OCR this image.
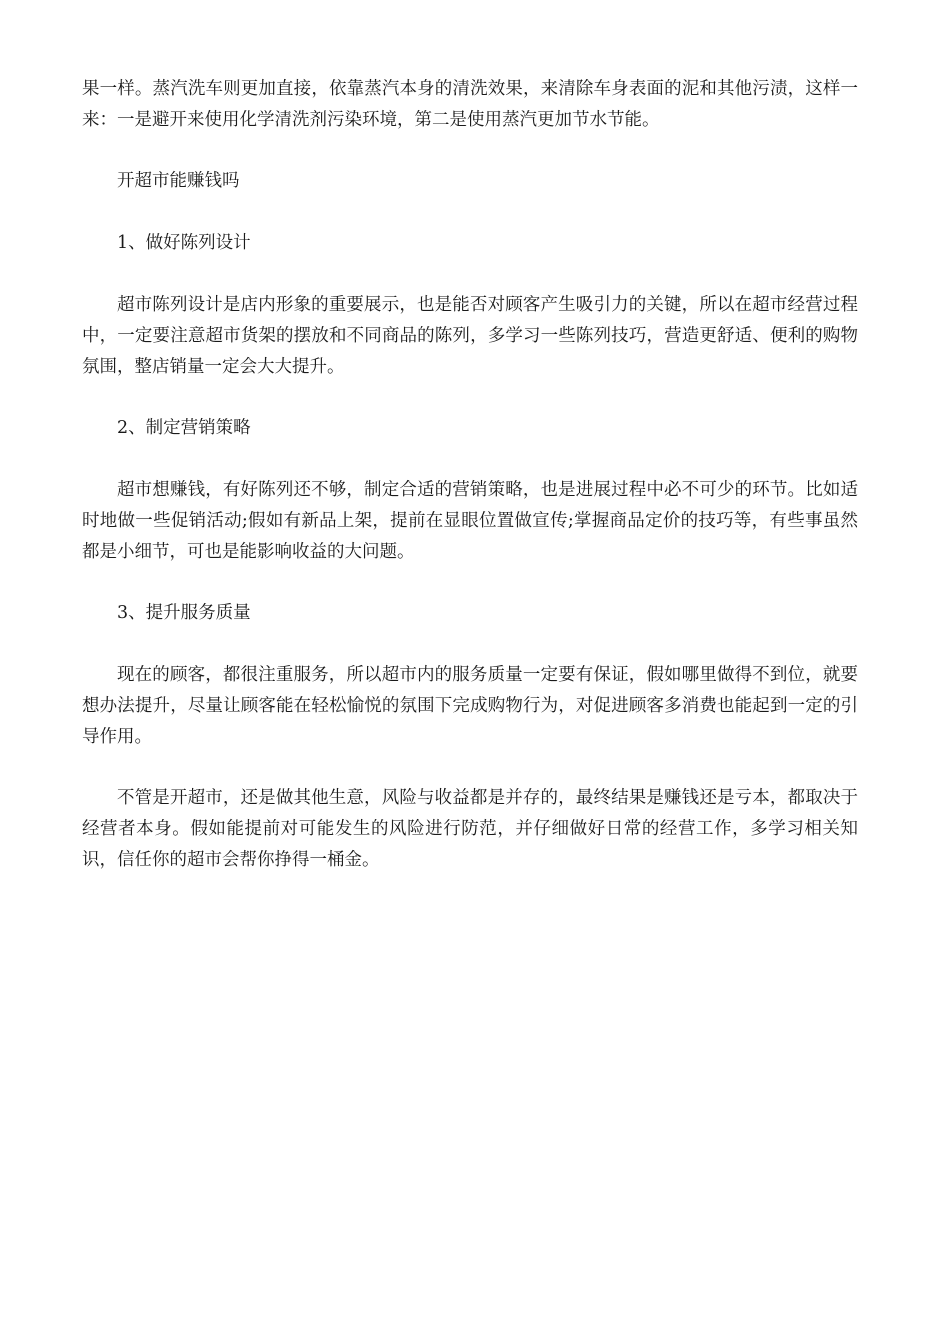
果一样。蒸汽洗车则更加直接，依靠蒸汽本身的清洗效果，来清除车身表面的泥和其他污渍，这样一来：一是避开来使用化学清洗剂污染环境，第二是使用蒸汽更加节水节能。

开超市能赚钱吗

1、做好陈列设计

超市陈列设计是店内形象的重要展示，也是能否对顾客产生吸引力的关键，所以在超市经营过程中，一定要注意超市货架的摆放和不同商品的陈列，多学习一些陈列技巧，营造更舒适、便利的购物氛围，整店销量一定会大大提升。

2、制定营销策略

超市想赚钱，有好陈列还不够，制定合适的营销策略，也是进展过程中必不可少的环节。比如适时地做一些促销活动;假如有新品上架，提前在显眼位置做宣传;掌握商品定价的技巧等，有些事虽然都是小细节，可也是能影响收益的大问题。

3、提升服务质量

现在的顾客，都很注重服务，所以超市内的服务质量一定要有保证，假如哪里做得不到位，就要想办法提升，尽量让顾客能在轻松愉悦的氛围下完成购物行为，对促进顾客多消费也能起到一定的引导作用。

不管是开超市，还是做其他生意，风险与收益都是并存的，最终结果是赚钱还是亏本，都取决于经营者本身。假如能提前对可能发生的风险进行防范，并仔细做好日常的经营工作，多学习相关知识，信任你的超市会帮你挣得一桶金。
